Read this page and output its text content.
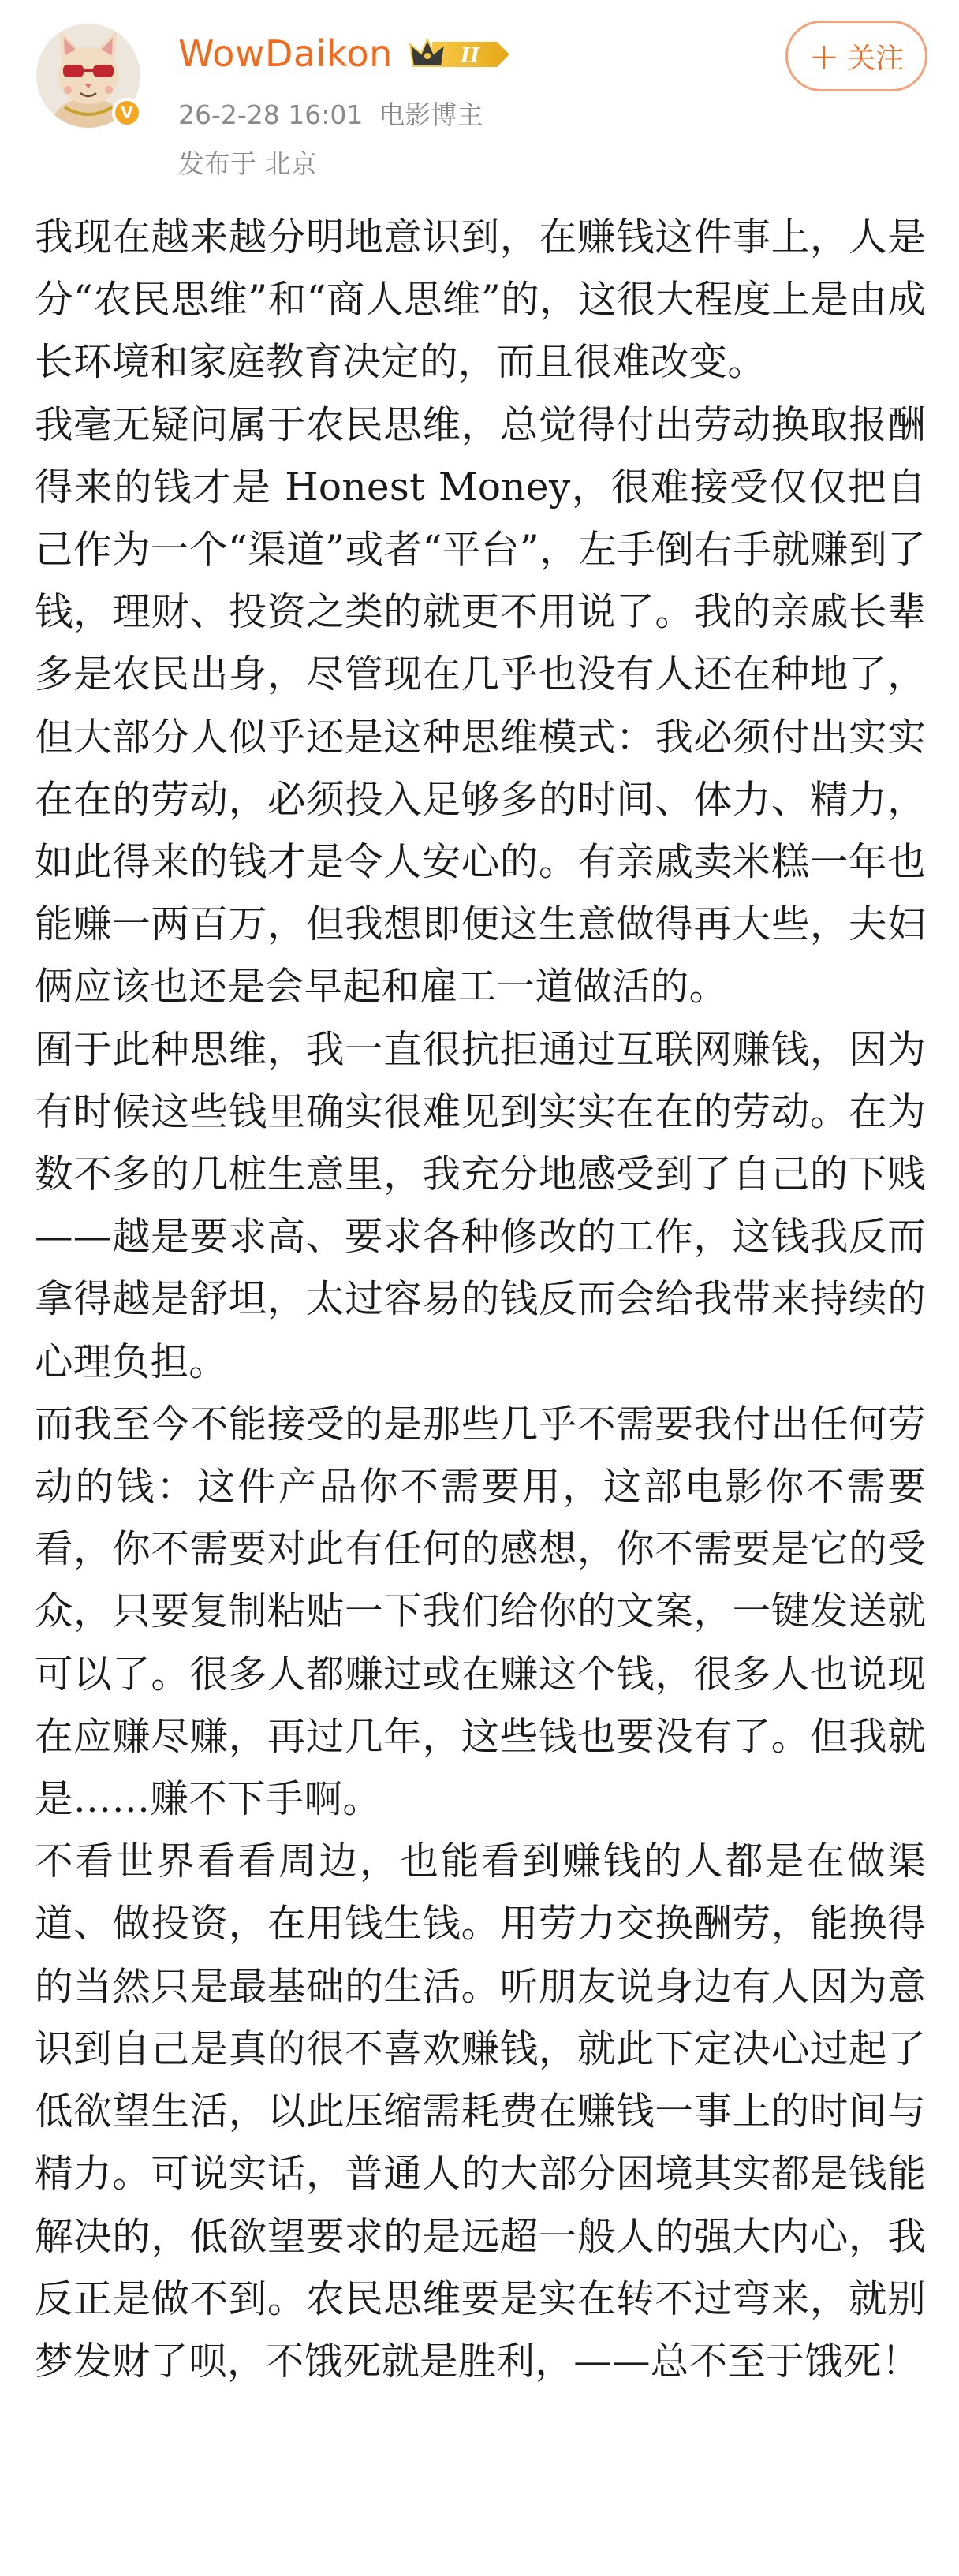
V
WowDaikon	II
26-2-28 16:01 电影博主
发布于 北京
+ 关注

我现在越来越分明地意识到，在赚钱这件事上，人是分“农民思维”和“商人思维”的，这很大程度上是由成长环境和家庭教育决定的，而且很难改变。

我毫无疑问属于农民思维，总觉得付出劳动换取报酬得来的钱才是 Honest Money，很难接受仅仅把自己作为一个“渠道”或者“平台”，左手倒右手就赚到了钱，理财、投资之类的就更不用说了。我的亲戚长辈多是农民出身，尽管现在几乎也没有人还在种地了，但大部分人似乎还是这种思维模式：我必须付出实实在在的劳动，必须投入足够多的时间、体力、精力，如此得来的钱才是令人安心的。有亲戚卖米糕一年也能赚一两百万，但我想即便这生意做得再大些，夫妇俩应该也还是会早起和雇工一道做活的。

囿于此种思维，我一直很抗拒通过互联网赚钱，因为有时候这些钱里确实很难见到实实在在的劳动。在为数不多的几桩生意里，我充分地感受到了自己的下贱——越是要求高、要求各种修改的工作，这钱我反而拿得越是舒坦，太过容易的钱反而会给我带来持续的心理负担。

而我至今不能接受的是那些几乎不需要我付出任何劳动的钱：这件产品你不需要用，这部电影你不需要看，你不需要对此有任何的感想，你不需要是它的受众，只要复制粘贴一下我们给你的文案，一键发送就可以了。很多人都赚过或在赚这个钱，很多人也说现在应赚尽赚，再过几年，这些钱也要没有了。但我就是……赚不下手啊。

不看世界看看周边，也能看到赚钱的人都是在做渠道、做投资，在用钱生钱。用劳力交换酬劳，能换得的当然只是最基础的生活。听朋友说身边有人因为意识到自己是真的很不喜欢赚钱，就此下定决心过起了低欲望生活，以此压缩需耗费在赚钱一事上的时间与精力。可说实话，普通人的大部分困境其实都是钱能解决的，低欲望要求的是远超一般人的强大内心，我反正是做不到。农民思维要是实在转不过弯来，就别梦发财了呗，不饿死就是胜利，——总不至于饿死！
